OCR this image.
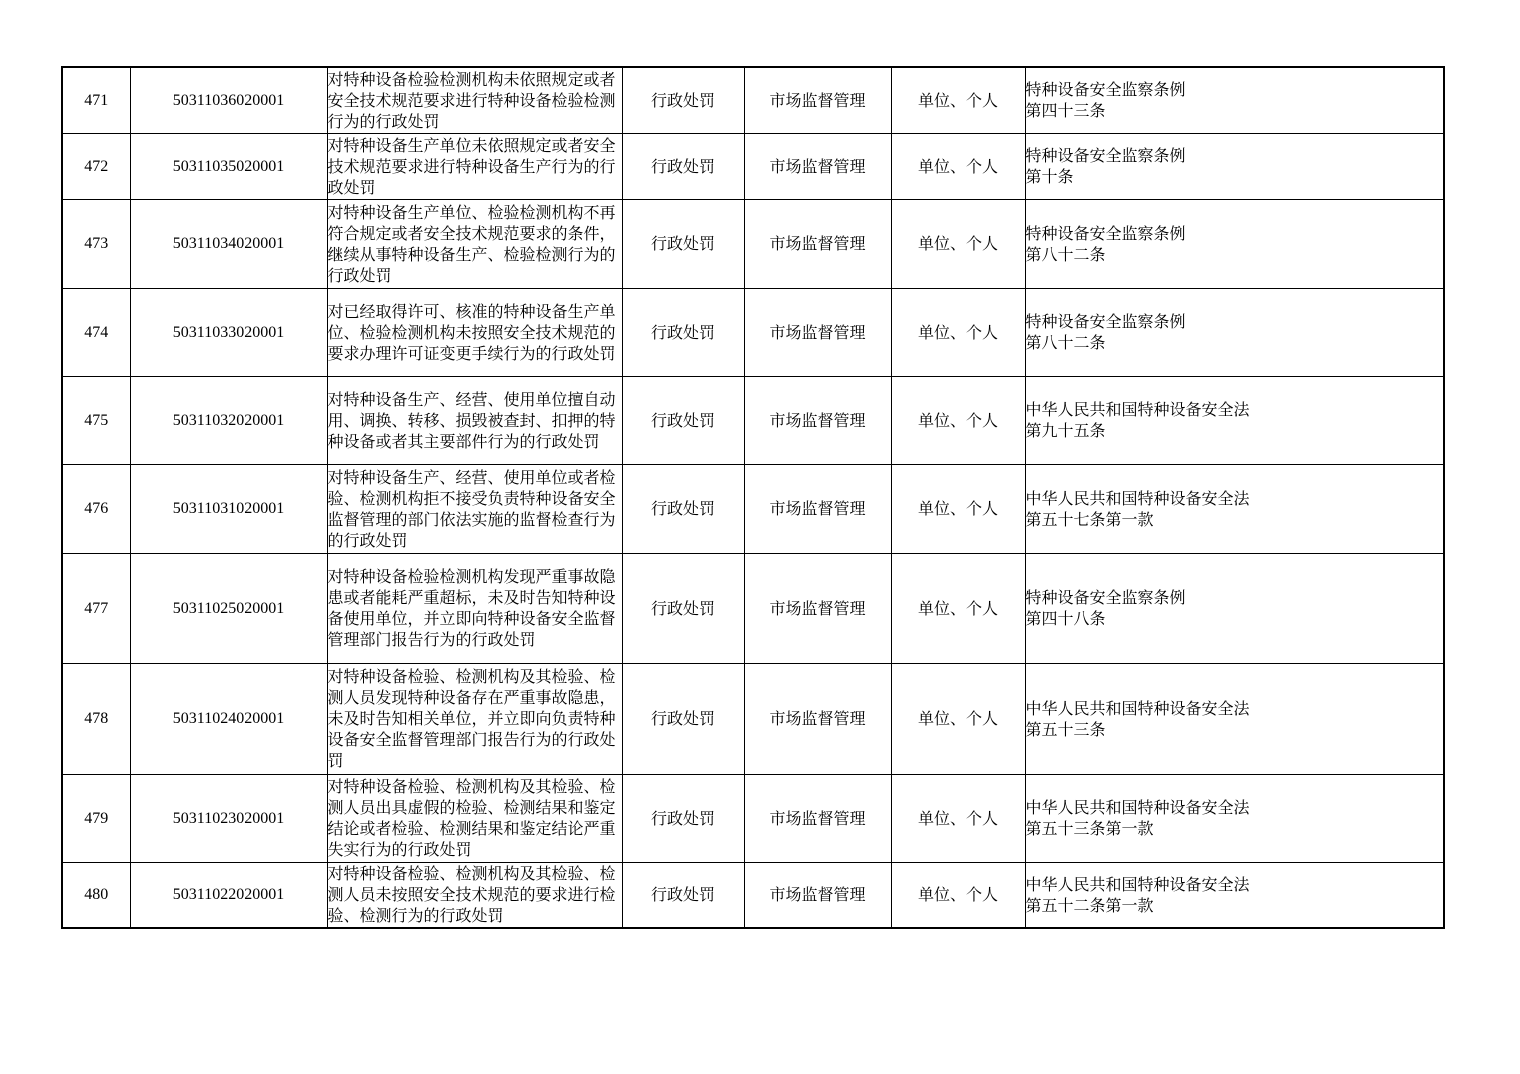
471	50311036020001	对特种设备检验检测机构未依照规定或者安全技术规范要求进行特种设备检验检测行为的行政处罚	行政处罚	市场监督管理	单位、个人	特种设备安全监察条例
第四十三条

472	50311035020001	对特种设备生产单位未依照规定或者安全技术规范要求进行特种设备生产行为的行政处罚	行政处罚	市场监督管理	单位、个人	特种设备安全监察条例
第十条

473	50311034020001	对特种设备生产单位、检验检测机构不再符合规定或者安全技术规范要求的条件，继续从事特种设备生产、检验检测行为的行政处罚	行政处罚	市场监督管理	单位、个人	特种设备安全监察条例
第八十二条

474	50311033020001	对已经取得许可、核准的特种设备生产单位、检验检测机构未按照安全技术规范的要求办理许可证变更手续行为的行政处罚	行政处罚	市场监督管理	单位、个人	特种设备安全监察条例
第八十二条

475	50311032020001	对特种设备生产、经营、使用单位擅自动用、调换、转移、损毁被查封、扣押的特种设备或者其主要部件行为的行政处罚	行政处罚	市场监督管理	单位、个人	中华人民共和国特种设备安全法
第九十五条

476	50311031020001	对特种设备生产、经营、使用单位或者检验、检测机构拒不接受负责特种设备安全监督管理的部门依法实施的监督检查行为的行政处罚	行政处罚	市场监督管理	单位、个人	中华人民共和国特种设备安全法
第五十七条第一款

477	50311025020001	对特种设备检验检测机构发现严重事故隐患或者能耗严重超标，未及时告知特种设备使用单位，并立即向特种设备安全监督管理部门报告行为的行政处罚	行政处罚	市场监督管理	单位、个人	特种设备安全监察条例
第四十八条

478	50311024020001	对特种设备检验、检测机构及其检验、检测人员发现特种设备存在严重事故隐患，未及时告知相关单位，并立即向负责特种设备安全监督管理部门报告行为的行政处罚	行政处罚	市场监督管理	单位、个人	中华人民共和国特种设备安全法
第五十三条

479	50311023020001	对特种设备检验、检测机构及其检验、检测人员出具虚假的检验、检测结果和鉴定结论或者检验、检测结果和鉴定结论严重失实行为的行政处罚	行政处罚	市场监督管理	单位、个人	中华人民共和国特种设备安全法
第五十三条第一款

480	50311022020001	对特种设备检验、检测机构及其检验、检测人员未按照安全技术规范的要求进行检验、检测行为的行政处罚	行政处罚	市场监督管理	单位、个人	中华人民共和国特种设备安全法
第五十二条第一款
